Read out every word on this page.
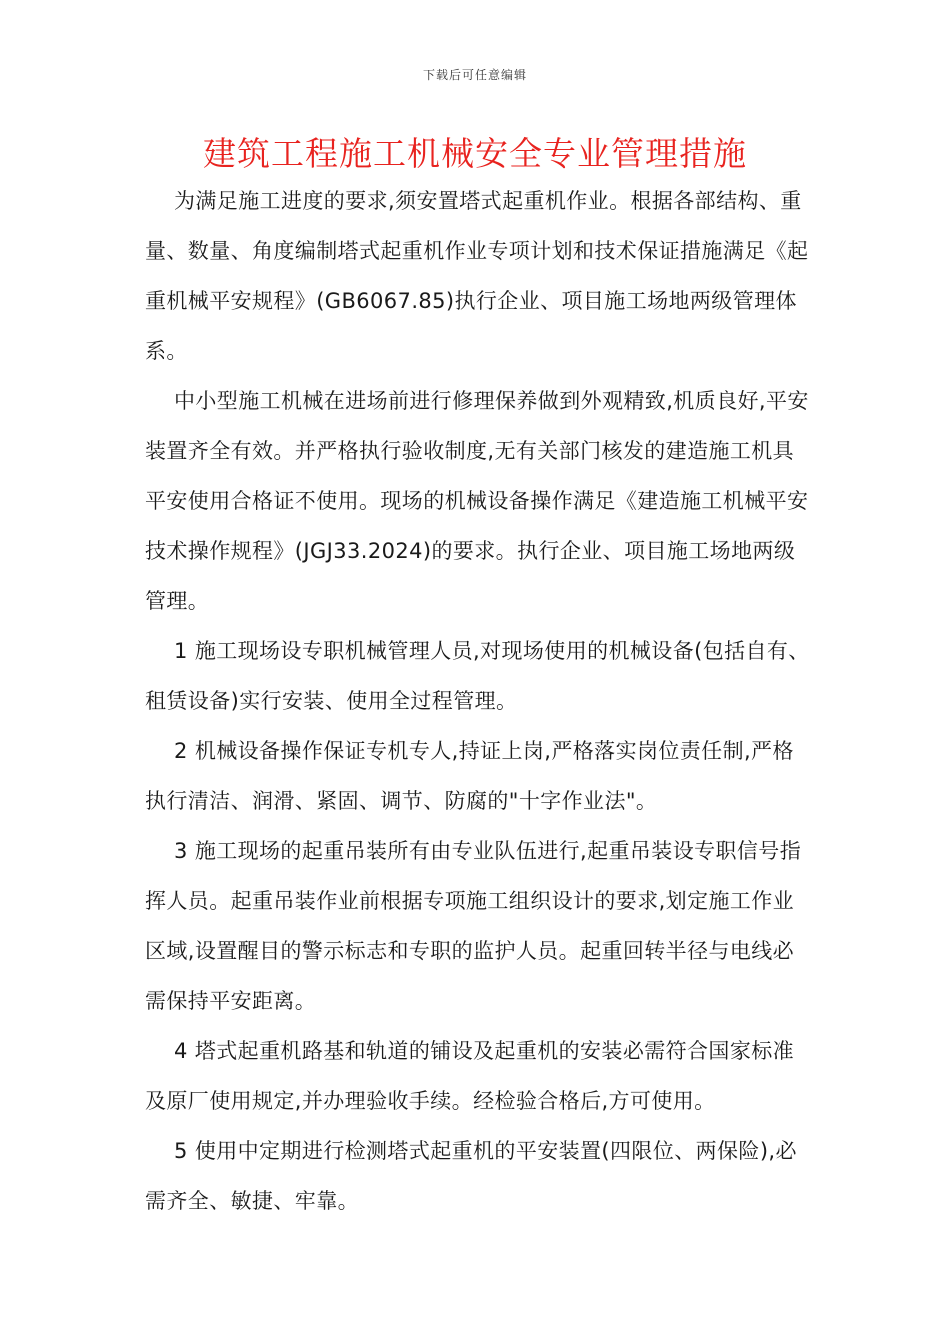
下载后可任意编辑
建筑工程施工机械安全专业管理措施

为满足施工进度的要求,须安置塔式起重机作业。根据各部结构、重量、数量、角度编制塔式起重机作业专项计划和技术保证措施满足《起重机械平安规程》(GB6067.85)执行企业、项目施工场地两级管理体系。

中小型施工机械在进场前进行修理保养做到外观精致,机质良好,平安装置齐全有效。并严格执行验收制度,无有关部门核发的建造施工机具平安使用合格证不使用。现场的机械设备操作满足《建造施工机械平安技术操作规程》(JGJ33.2024)的要求。执行企业、项目施工场地两级管理。

1 施工现场设专职机械管理人员,对现场使用的机械设备(包括自有、租赁设备)实行安装、使用全过程管理。

2 机械设备操作保证专机专人,持证上岗,严格落实岗位责任制,严格执行清洁、润滑、紧固、调节、防腐的"十字作业法"。

3 施工现场的起重吊装所有由专业队伍进行,起重吊装设专职信号指挥人员。起重吊装作业前根据专项施工组织设计的要求,划定施工作业区域,设置醒目的警示标志和专职的监护人员。起重回转半径与电线必需保持平安距离。

4 塔式起重机路基和轨道的铺设及起重机的安装必需符合国家标准及原厂使用规定,并办理验收手续。经检验合格后,方可使用。

5 使用中定期进行检测塔式起重机的平安装置(四限位、两保险),必需齐全、敏捷、牢靠。
